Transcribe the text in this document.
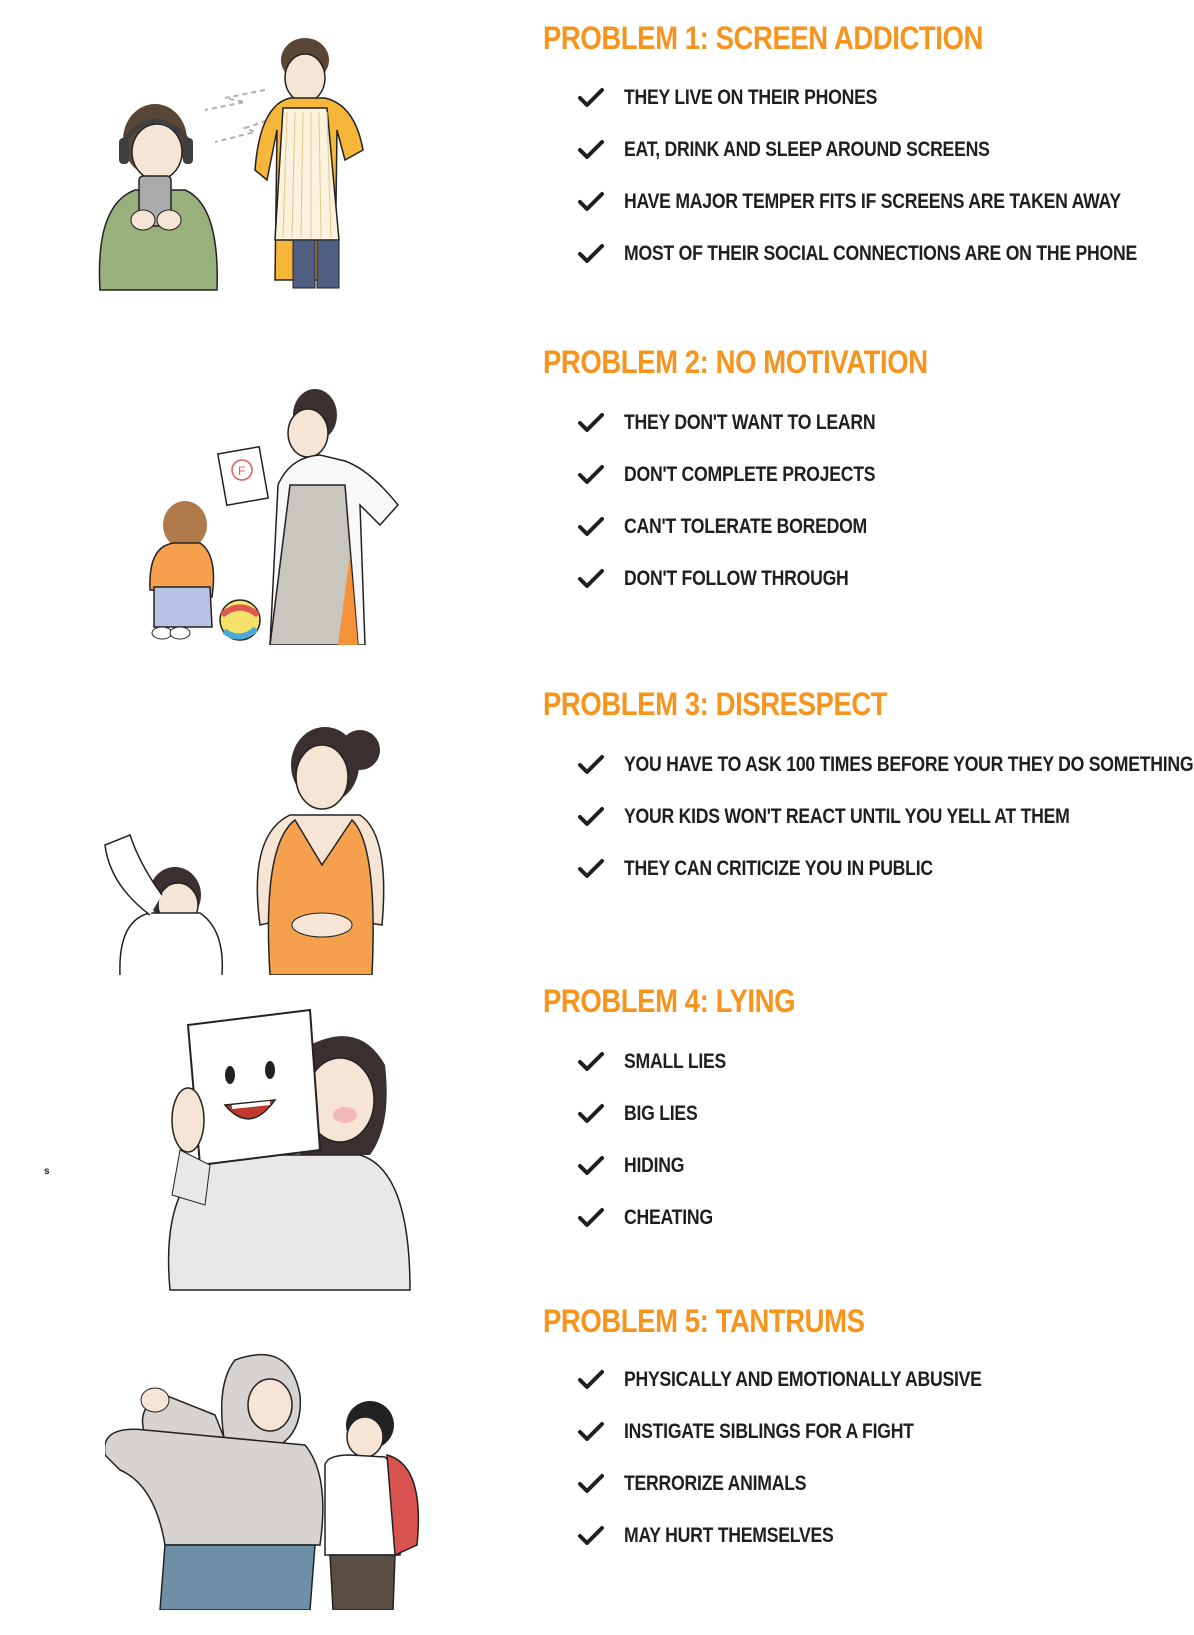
PROBLEM 1: SCREEN ADDICTION
THEY LIVE ON THEIR PHONES
EAT, DRINK AND SLEEP AROUND SCREENS
HAVE MAJOR TEMPER FITS IF SCREENS ARE TAKEN AWAY
MOST OF THEIR SOCIAL CONNECTIONS ARE ON THE PHONE
F
PROBLEM 2: NO MOTIVATION
THEY DON'T WANT TO LEARN
DON'T COMPLETE PROJECTS
CAN'T TOLERATE BOREDOM
DON'T FOLLOW THROUGH
PROBLEM 3: DISRESPECT
YOU HAVE TO ASK 100 TIMES BEFORE YOUR THEY DO SOMETHING
YOUR KIDS WON'T REACT UNTIL YOU YELL AT THEM
THEY CAN CRITICIZE YOU IN PUBLIC
PROBLEM 4: LYING
SMALL LIES
BIG LIES
HIDING
CHEATING
s
PROBLEM 5: TANTRUMS
PHYSICALLY AND EMOTIONALLY ABUSIVE
INSTIGATE SIBLINGS FOR A FIGHT
TERRORIZE ANIMALS
MAY HURT THEMSELVES
